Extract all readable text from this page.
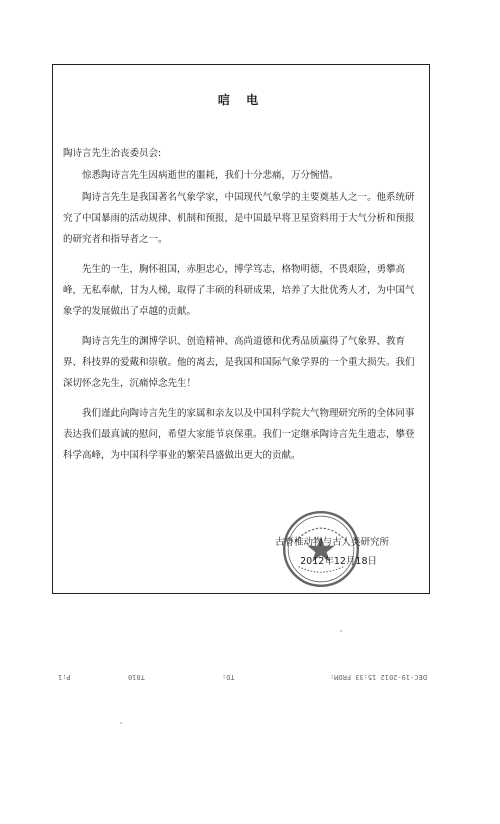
唁 电

陶诗言先生治丧委员会:

惊悉陶诗言先生因病逝世的噩耗，我们十分悲痛，万分惋惜。

陶诗言先生是我国著名气象学家，中国现代气象学的主要奠基人之一。他系统研究了中国暴雨的活动规律、机制和预报，是中国最早将卫星资料用于大气分析和预报的研究者和指导者之一。

先生的一生，胸怀祖国，赤胆忠心，博学笃志，格物明德，不畏艰险，勇攀高峰，无私奉献，甘为人梯，取得了丰硕的科研成果，培养了大批优秀人才，为中国气象学的发展做出了卓越的贡献。

陶诗言先生的渊博学识、创造精神、高尚道德和优秀品质赢得了气象界、教育界、科技界的爱戴和崇敬。他的离去，是我国和国际气象学界的一个重大损失。我们深切怀念先生，沉痛悼念先生！

我们谨此向陶诗言先生的家属和亲友以及中国科学院大气物理研究所的全体同事表达我们最真诚的慰问，希望大家能节哀保重。我们一定继承陶诗言先生遗志，攀登科学高峰，为中国科学事业的繁荣昌盛做出更大的贡献。

古脊椎动物与古人类研究所
2012年12月18日
DEC-19-2012 15:33 FROM:
TO:
T010
P:1
